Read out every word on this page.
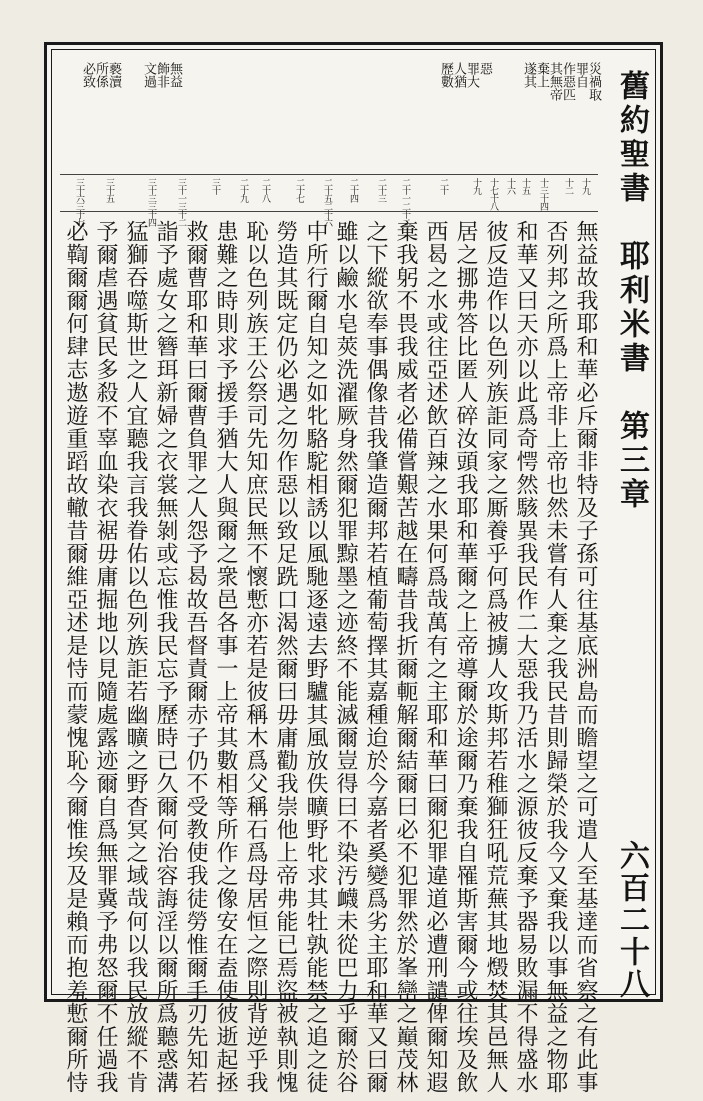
舊約聖書　耶利米書　第三章
六百二十八
遂其
棄上
其無帝
作惡匹
罪自
災禍取
歷數
人猶
罪大
惡
文過
飾非
無益
必致
所係
褻瀆
十九
十二
十三十四
十五
十六
十七十八
十九
二十
二十一二十二
二十三
二十四
二十五二十六
二十七
二十八
二十九
三十
三十一三十二
三十三三十四
三十五
三十六三十七
無益故我耶和華必斥爾非特及子孫可往基底洲島而瞻望之可遣人至基達而省察之有此事
否列邦之所爲上帝非上帝也然未嘗有人棄之我民昔則歸榮於我今又棄我以事無益之物耶
和華又曰天亦以此爲奇愕然駭異我民作二大惡我乃活水之源彼反棄予器易敗漏不得盛水
彼反造作以色列族詎同家之厮養乎何爲被擄人攻斯邦若稚獅狂吼荒蕪其地燬焚其邑無人
居之挪弗答比匿人碎汝頭我耶和華爾之上帝導爾於途爾乃棄我自罹斯害爾今或往埃及飲
西曷之水或往亞述飲百辣之水果何爲哉萬有之主耶和華曰爾犯罪違道必遭刑譴俾爾知遐
棄我躬不畏我威者必備嘗艱苦越在疇昔我折爾軛解爾結爾曰必不犯罪然於峯巒之巔茂林
之下縱欲奉事偶像昔我肇造爾邦若植葡萄擇其嘉種迨於今嘉者奚變爲劣主耶和華又曰爾
雖以鹼水皂莢洗濯厥身然爾犯罪黥墨之迹終不能滅爾豈得曰不染汚衊未從巴力乎爾於谷
中所行爾自知之如牝駱駝相誘以風馳逐遠去野驢其風放佚曠野牝求其牡孰能禁之追之徒
勞造其既定仍必遇之勿作惡以致足跣口渴然爾曰毋庸勸我崇他上帝弗能已焉盜被執則愧
恥以色列族王公祭司先知庶民無不懷慙亦若是彼稱木爲父稱石爲母居恒之際則背逆乎我
患難之時則求予援手猶大人與爾之衆邑各事一上帝其數相等所作之像安在盍使彼逝起拯
救爾曹耶和華曰爾曹負罪之人怨予曷故吾督責爾赤子仍不受教使我徒勞惟爾手刃先知若
詣予處女之簪珥新婦之衣裳無剝或忘惟我民忘予歷時已久爾何治容誨淫以爾所爲聽惑溝
猛獅吞噬斯世之人宜聽我言我眷佑以色列族詎若幽曠之野杳冥之域哉何以我民放縱不肯
予爾虐遇貧民多殺不辜血染衣裾毋庸掘地以見隨處露迹爾自爲無罪冀予弗怒爾不任過我
必鞫爾爾何肆志遨遊重蹈故轍昔爾維亞述是恃而蒙愧恥今爾惟埃及是賴而抱羞慙爾所恃
